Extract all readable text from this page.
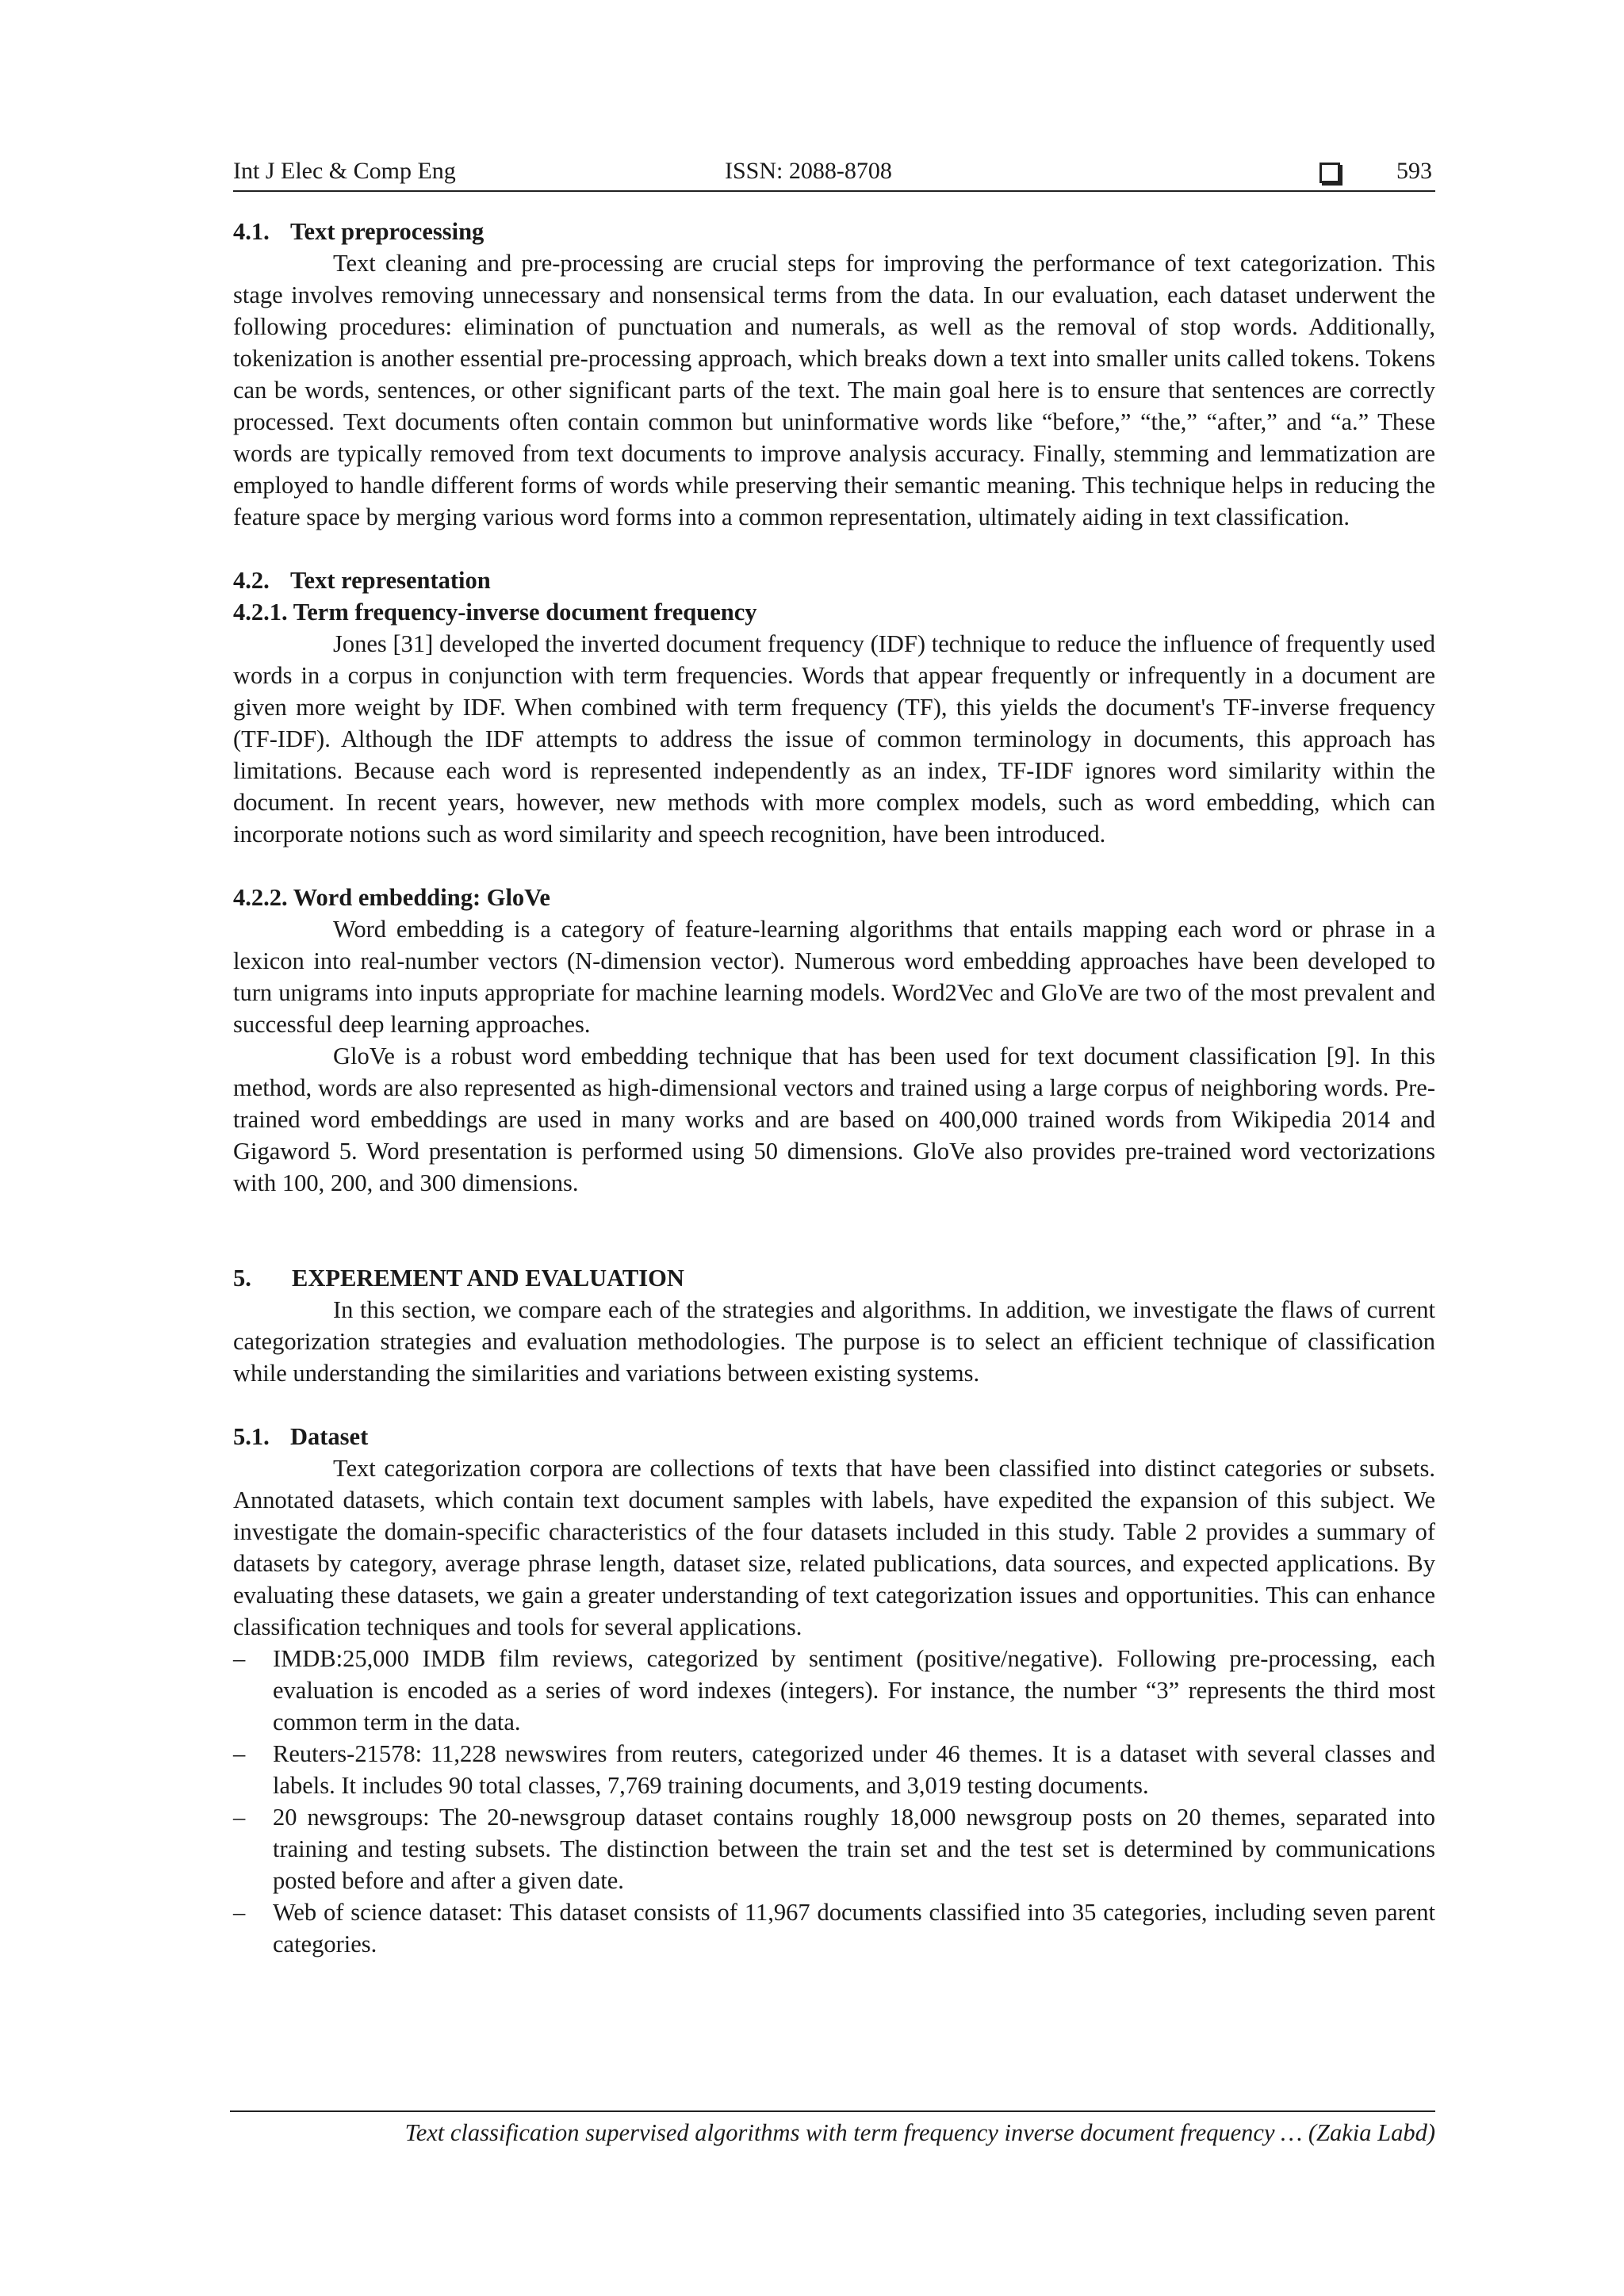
Int J Elec & Comp Eng	ISSN: 2088-8708	593
4.1. Text preprocessing

Text cleaning and pre-processing are crucial steps for improving the performance of text categorization. This stage involves removing unnecessary and nonsensical terms from the data. In our evaluation, each dataset underwent the following procedures: elimination of punctuation and numerals, as well as the removal of stop words. Additionally, tokenization is another essential pre-processing approach, which breaks down a text into smaller units called tokens. Tokens can be words, sentences, or other significant parts of the text. The main goal here is to ensure that sentences are correctly processed. Text documents often contain common but uninformative words like “before,” “the,” “after,” and “a.” These words are typically removed from text documents to improve analysis accuracy. Finally, stemming and lemmatization are employed to handle different forms of words while preserving their semantic meaning. This technique helps in reducing the feature space by merging various word forms into a common representation, ultimately aiding in text classification.

4.2. Text representation
4.2.1. Term frequency-inverse document frequency

Jones [31] developed the inverted document frequency (IDF) technique to reduce the influence of frequently used words in a corpus in conjunction with term frequencies. Words that appear frequently or infrequently in a document are given more weight by IDF. When combined with term frequency (TF), this yields the document's TF-inverse frequency (TF-IDF). Although the IDF attempts to address the issue of common terminology in documents, this approach has limitations. Because each word is represented independently as an index, TF-IDF ignores word similarity within the document. In recent years, however, new methods with more complex models, such as word embedding, which can incorporate notions such as word similarity and speech recognition, have been introduced.

4.2.2. Word embedding: GloVe

Word embedding is a category of feature-learning algorithms that entails mapping each word or phrase in a lexicon into real-number vectors (N-dimension vector). Numerous word embedding approaches have been developed to turn unigrams into inputs appropriate for machine learning models. Word2Vec and GloVe are two of the most prevalent and successful deep learning approaches.

GloVe is a robust word embedding technique that has been used for text document classification [9]. In this method, words are also represented as high-dimensional vectors and trained using a large corpus of neighboring words. Pre-trained word embeddings are used in many works and are based on 400,000 trained words from Wikipedia 2014 and Gigaword 5. Word presentation is performed using 50 dimensions. GloVe also provides pre-trained word vectorizations with 100, 200, and 300 dimensions.

5. EXPEREMENT AND EVALUATION

In this section, we compare each of the strategies and algorithms. In addition, we investigate the flaws of current categorization strategies and evaluation methodologies. The purpose is to select an efficient technique of classification while understanding the similarities and variations between existing systems.

5.1. Dataset

Text categorization corpora are collections of texts that have been classified into distinct categories or subsets. Annotated datasets, which contain text document samples with labels, have expedited the expansion of this subject. We investigate the domain-specific characteristics of the four datasets included in this study. Table 2 provides a summary of datasets by category, average phrase length, dataset size, related publications, data sources, and expected applications. By evaluating these datasets, we gain a greater understanding of text categorization issues and opportunities. This can enhance classification techniques and tools for several applications.

– IMDB:25,000 IMDB film reviews, categorized by sentiment (positive/negative). Following pre-processing, each evaluation is encoded as a series of word indexes (integers). For instance, the number “3” represents the third most common term in the data.
– Reuters-21578: 11,228 newswires from reuters, categorized under 46 themes. It is a dataset with several classes and labels. It includes 90 total classes, 7,769 training documents, and 3,019 testing documents.
– 20 newsgroups: The 20-newsgroup dataset contains roughly 18,000 newsgroup posts on 20 themes, separated into training and testing subsets. The distinction between the train set and the test set is determined by communications posted before and after a given date.
– Web of science dataset: This dataset consists of 11,967 documents classified into 35 categories, including seven parent categories.
Text classification supervised algorithms with term frequency inverse document frequency … (Zakia Labd)
